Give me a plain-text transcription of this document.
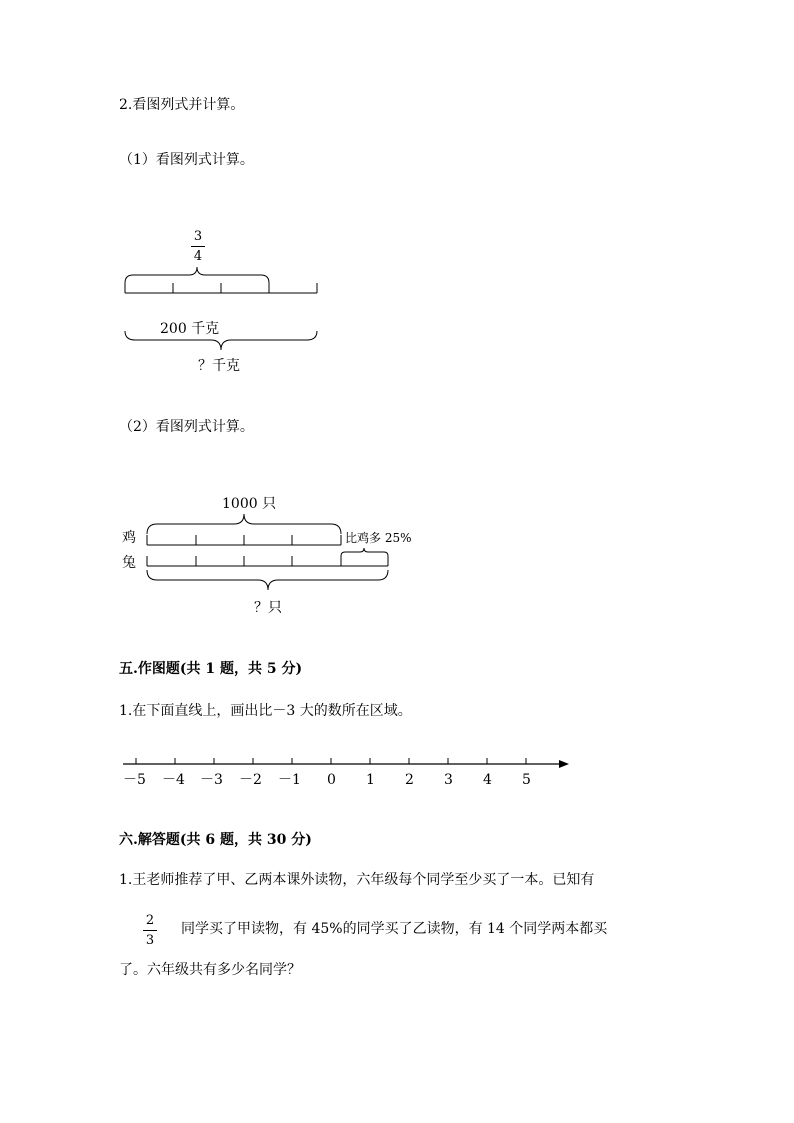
2.看图列式并计算。
（1）看图列式计算。
3
4
200 千克
？千克
（2）看图列式计算。
1000 只
鸡
兔
比鸡多 25%
？只
五.作图题(共 1 题，共 5 分)
1.在下面直线上，画出比－3 大的数所在区域。
－5 －4 －3 －2 －1 0 1 2 3 4 5
六.解答题(共 6 题，共 30 分)
1.王老师推荐了甲、乙两本课外读物，六年级每个同学至少买了一本。已知有
2
3
同学买了甲读物，有 45%的同学买了乙读物，有 14 个同学两本都买
了。六年级共有多少名同学？
